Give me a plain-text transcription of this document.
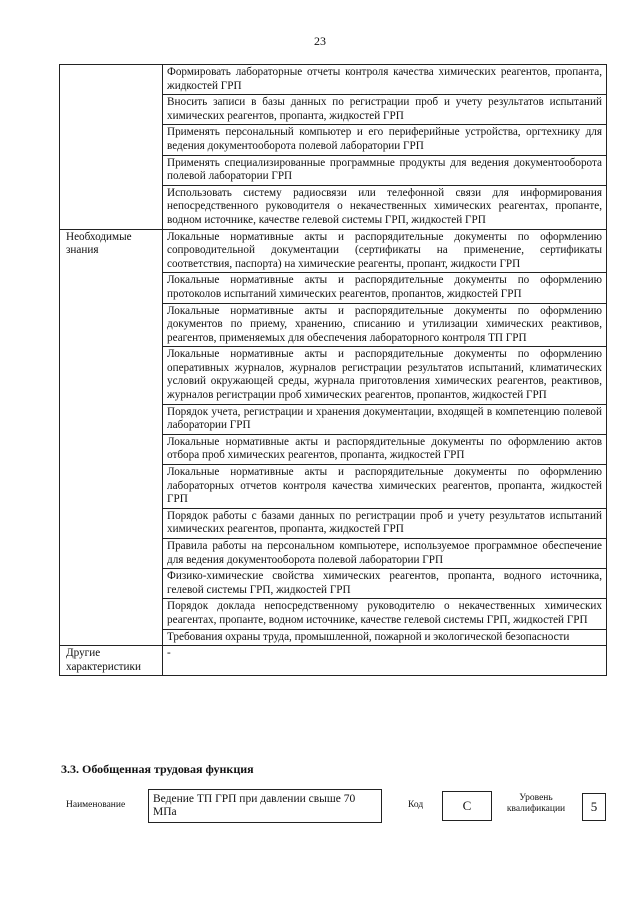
23
	Формировать лабораторные отчеты контроля качества химических реагентов, пропанта, жидкостей ГРП
	Вносить записи в базы данных по регистрации проб и учету результатов испытаний химических реагентов, пропанта, жидкостей ГРП
	Применять персональный компьютер и его периферийные устройства, оргтехнику для ведения документооборота полевой лаборатории ГРП
	Применять специализированные программные продукты для ведения документооборота полевой лаборатории ГРП
	Использовать систему радиосвязи или телефонной связи для информирования непосредственного руководителя о некачественных химических реагентах, пропанте, водном источнике, качестве гелевой системы ГРП, жидкостей ГРП
Необходимые знания	Локальные нормативные акты и распорядительные документы по оформлению сопроводительной документации (сертификаты на применение, сертификаты соответствия, паспорта) на химические реагенты, пропант, жидкости ГРП
	Локальные нормативные акты и распорядительные документы по оформлению протоколов испытаний химических реагентов, пропантов, жидкостей ГРП
	Локальные нормативные акты и распорядительные документы по оформлению документов по приему, хранению, списанию и утилизации химических реактивов, реагентов, применяемых для обеспечения лабораторного контроля ТП ГРП
	Локальные нормативные акты и распорядительные документы по оформлению оперативных журналов, журналов регистрации результатов испытаний, климатических условий окружающей среды, журнала приготовления химических реагентов, реактивов, журналов регистрации проб химических реагентов, пропантов, жидкостей ГРП
	Порядок учета, регистрации и хранения документации, входящей в компетенцию полевой лаборатории ГРП
	Локальные нормативные акты и распорядительные документы по оформлению актов отбора проб химических реагентов, пропанта, жидкостей ГРП
	Локальные нормативные акты и распорядительные документы по оформлению лабораторных отчетов контроля качества химических реагентов, пропанта, жидкостей ГРП
	Порядок работы с базами данных по регистрации проб и учету результатов испытаний химических реагентов, пропанта, жидкостей ГРП
	Правила работы на персональном компьютере, используемое программное обеспечение для ведения документооборота полевой лаборатории ГРП
	Физико-химические свойства химических реагентов, пропанта, водного источника, гелевой системы ГРП, жидкостей ГРП
	Порядок доклада непосредственному руководителю о некачественных химических реагентах, пропанте, водном источнике, качестве гелевой системы ГРП, жидкостей ГРП
	Требования охраны труда, промышленной, пожарной и экологической безопасности
Другие характеристики	-
3.3. Обобщенная трудовая функция
Наименование	Ведение ТП ГРП при давлении свыше 70 МПа
Код	C	Уровень квалификации	5
